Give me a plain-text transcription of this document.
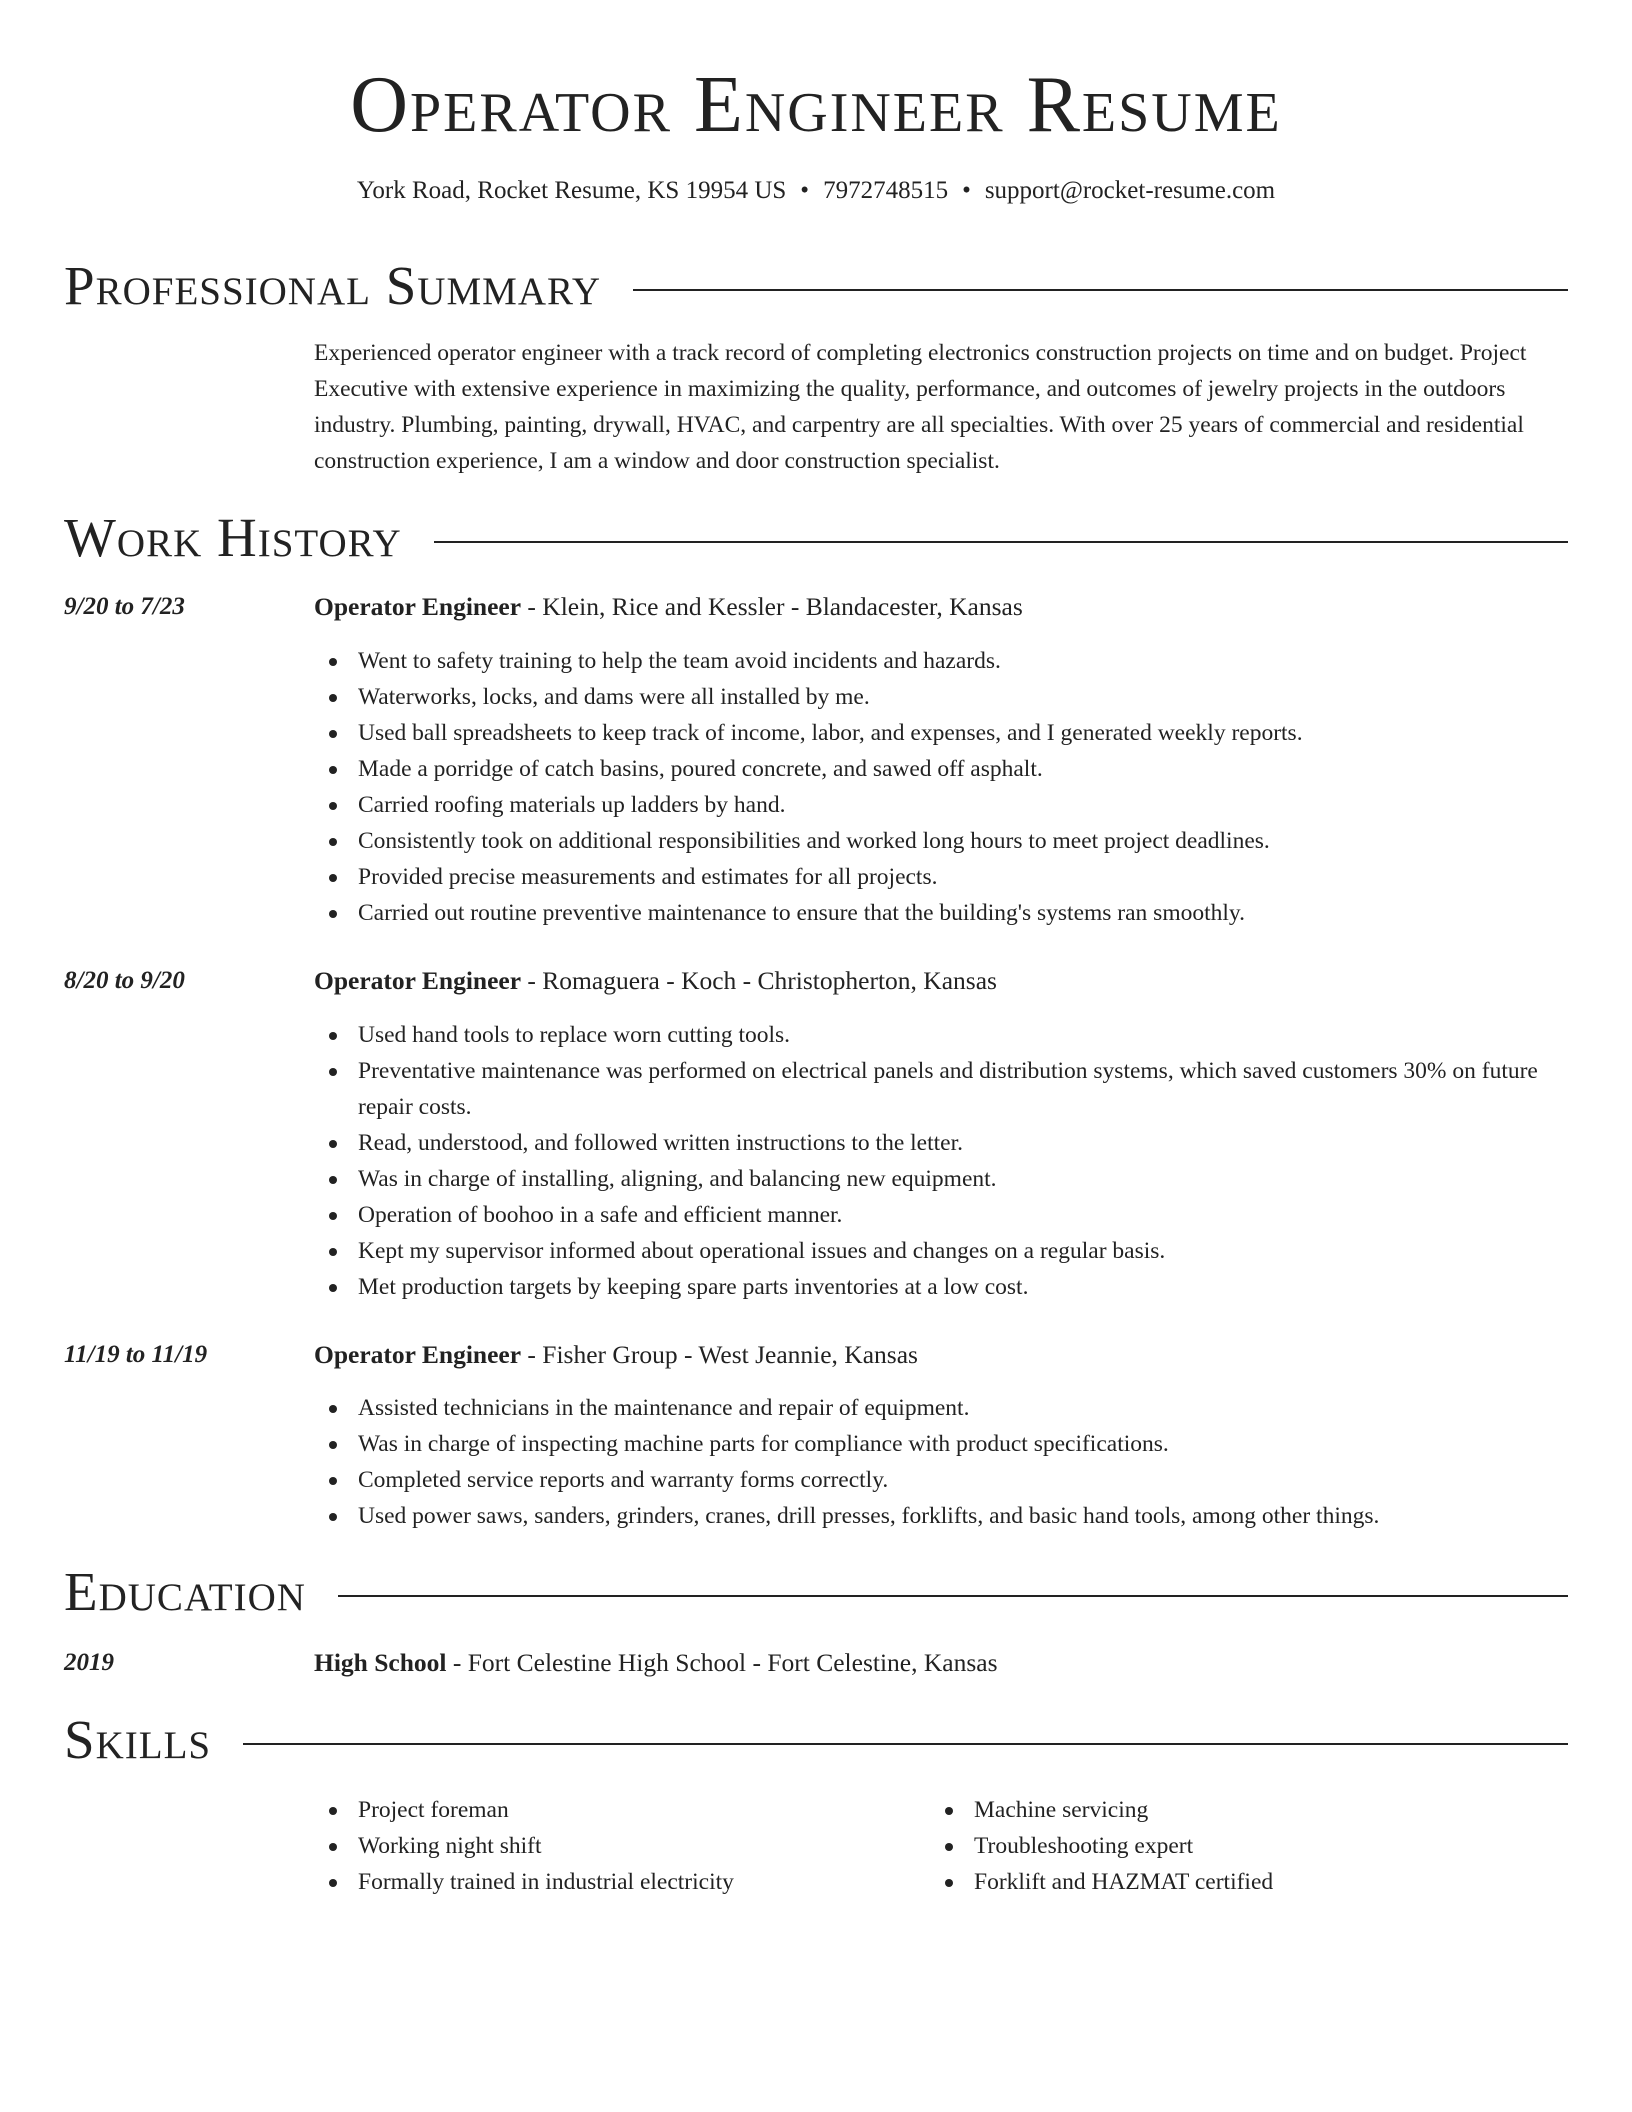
Operator Engineer Resume
York Road, Rocket Resume, KS 19954 US • 7972748515 • support@rocket-resume.com
Professional Summary

Experienced operator engineer with a track record of completing electronics construction projects on time and on budget. Project Executive with extensive experience in maximizing the quality, performance, and outcomes of jewelry projects in the outdoors industry. Plumbing, painting, drywall, HVAC, and carpentry are all specialties. With over 25 years of commercial and residential construction experience, I am a window and door construction specialist.

Work History
9/20 to 7/23	Operator Engineer - Klein, Rice and Kessler - Blandacester, Kansas
Went to safety training to help the team avoid incidents and hazards.
Waterworks, locks, and dams were all installed by me.
Used ball spreadsheets to keep track of income, labor, and expenses, and I generated weekly reports.
Made a porridge of catch basins, poured concrete, and sawed off asphalt.
Carried roofing materials up ladders by hand.
Consistently took on additional responsibilities and worked long hours to meet project deadlines.
Provided precise measurements and estimates for all projects.
Carried out routine preventive maintenance to ensure that the building's systems ran smoothly.
8/20 to 9/20	Operator Engineer - Romaguera - Koch - Christopherton, Kansas
Used hand tools to replace worn cutting tools.
Preventative maintenance was performed on electrical panels and distribution systems, which saved customers 30% on future repair costs.
Read, understood, and followed written instructions to the letter.
Was in charge of installing, aligning, and balancing new equipment.
Operation of boohoo in a safe and efficient manner.
Kept my supervisor informed about operational issues and changes on a regular basis.
Met production targets by keeping spare parts inventories at a low cost.
11/19 to 11/19	Operator Engineer - Fisher Group - West Jeannie, Kansas
Assisted technicians in the maintenance and repair of equipment.
Was in charge of inspecting machine parts for compliance with product specifications.
Completed service reports and warranty forms correctly.
Used power saws, sanders, grinders, cranes, drill presses, forklifts, and basic hand tools, among other things.
Education
2019	High School - Fort Celestine High School - Fort Celestine, Kansas
Skills
Project foreman
Working night shift
Formally trained in industrial electricity
Machine servicing
Troubleshooting expert
Forklift and HAZMAT certified
